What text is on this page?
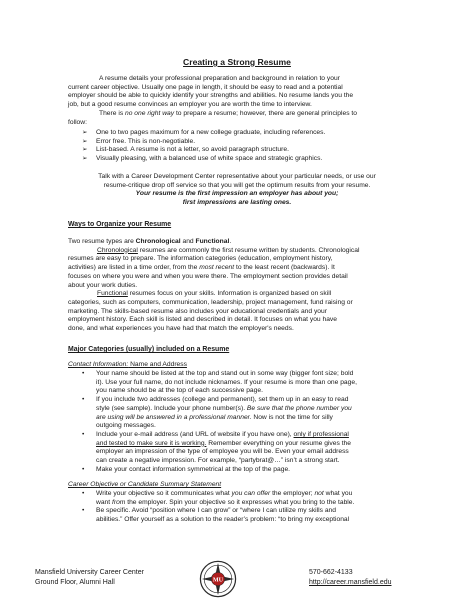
Creating a Strong Resume

A resume details your professional preparation and background in relation to your

current career objective. Usually one page in length, it should be easy to read and a potential

employer should be able to quickly identify your strengths and abilities. No resume lands you the

job, but a good resume convinces an employer you are worth the time to interview.

There is no one right way to prepare a resume; however, there are general principles to

follow:

➢ One to two pages maximum for a new college graduate, including references.
➢ Error free. This is non-negotiable.
➢ List-based. A resume is not a letter, so avoid paragraph structure.
➢ Visually pleasing, with a balanced use of white space and strategic graphics.

Talk with a Career Development Center representative about your particular needs, or use our

resume-critique drop off service so that you will get the optimum results from your resume.

Your resume is the first impression an employer has about you;

first impressions are lasting ones.

Ways to Organize your Resume

Two resume types are Chronological and Functional.

Chronological resumes are commonly the first resume written by students. Chronological

resumes are easy to prepare. The information categories (education, employment history,

activities) are listed in a time order, from the most recent to the least recent (backwards). It

focuses on where you were and when you were there. The employment section provides detail

about your work duties.

Functional resumes focus on your skills. Information is organized based on skill

categories, such as computers, communication, leadership, project management, fund raising or

marketing. The skills-based resume also includes your educational credentials and your

employment history. Each skill is listed and described in detail. It focuses on what you have

done, and what experiences you have had that match the employer's needs.

Major Categories (usually) included on a Resume
Contact Information: Name and Address
• Your name should be listed at the top and stand out in some way (bigger font size; bold

it). Use your full name, do not include nicknames. If your resume is more than one page,

you name should be at the top of each successive page.

• If you include two addresses (college and permanent), set them up in an easy to read

style (see sample). Include your phone number(s). Be sure that the phone number you

are using will be answered in a professional manner. Now is not the time for silly

outgoing messages.

• Include your e-mail address (and URL of website if you have one), only if professional

and tested to make sure it is working. Remember everything on your resume gives the

employer an impression of the type of employee you will be. Even your email address

can create a negative impression. For example, “partybrat@…” isn’t a strong start.

• Make your contact information symmetrical at the top of the page.
Career Objective or Candidate Summary Statement
• Write your objective so it communicates what you can offer the employer; not what you

want from the employer. Spin your objective so it expresses what you bring to the table.

• Be specific. Avoid “position where I can grow” or “where I can utilize my skills and

abilities.” Offer yourself as a solution to the reader’s problem: “to bring my exceptional

Mansfield University Career Center
Ground Floor, Alumni Hall	MU
570-662-4133
http://career.mansfield.edu
